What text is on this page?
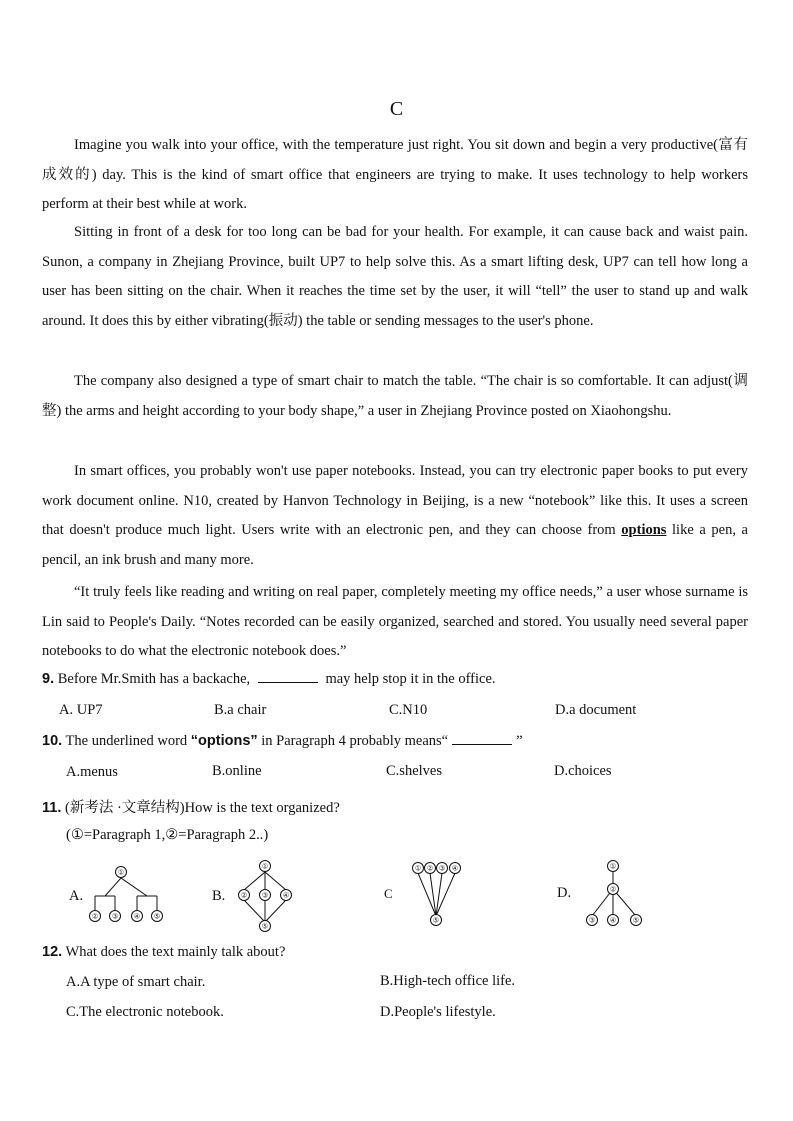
C

Imagine you walk into your office, with the temperature just right. You sit down and begin a very productive(富有成效的) day. This is the kind of smart office that engineers are trying to make. It uses technology to help workers perform at their best while at work.

Sitting in front of a desk for too long can be bad for your health. For example, it can cause back and waist pain. Sunon, a company in Zhejiang Province, built UP7 to help solve this. As a smart lifting desk, UP7 can tell how long a user has been sitting on the chair. When it reaches the time set by the user, it will “tell” the user to stand up and walk around. It does this by either vibrating(振动) the table or sending messages to the user's phone.

The company also designed a type of smart chair to match the table. “The chair is so comfortable. It can adjust(调整) the arms and height according to your body shape,” a user in Zhejiang Province posted on Xiaohongshu.

In smart offices, you probably won't use paper notebooks. Instead, you can try electronic paper books to put every work document online. N10, created by Hanvon Technology in Beijing, is a new “notebook” like this. It uses a screen that doesn't produce much light. Users write with an electronic pen, and they can choose from options like a pen, a pencil, an ink brush and many more.

“It truly feels like reading and writing on real paper, completely meeting my office needs,” a user whose surname is Lin said to People's Daily. “Notes recorded can be easily organized, searched and stored. You usually need several paper notebooks to do what the electronic notebook does.”

9. Before Mr.Smith has a backache,	may help stop it in the office.
A. UP7	B.a chair	C.N10	D.a document
10. The underlined word “options” in Paragraph 4 probably means“	”
A.menus	B.online	C.shelves	D.choices
11. (新考法 ·文章结构)How is the text organized?
(①=Paragraph 1,②=Paragraph 2..)
A.	B.	C	D.
①
② ③ ④ ⑤
①
② ③ ④
⑤
① ② ③ ④
⑤
①
②
③ ④ ⑤
12. What does the text mainly talk about?
A.A type of smart chair.	B.High-tech office life.
C.The electronic notebook.	D.People's lifestyle.
